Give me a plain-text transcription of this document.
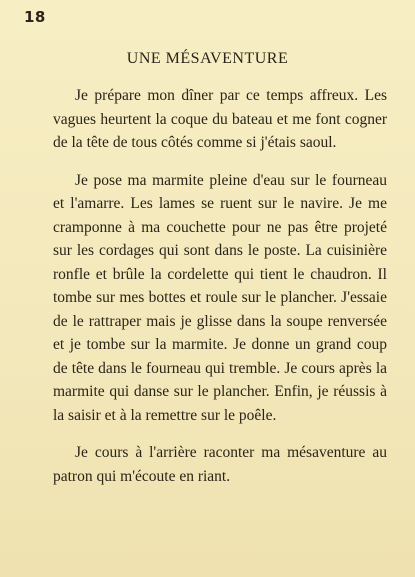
18
UNE MÉSAVENTURE

Je prépare mon dîner par ce temps affreux. Les vagues heurtent la coque du bateau et me font cogner de la tête de tous côtés comme si j'étais saoul.

Je pose ma marmite pleine d'eau sur le fourneau et l'amarre. Les lames se ruent sur le navire. Je me cramponne à ma couchette pour ne pas être projeté sur les cordages qui sont dans le poste. La cuisinière ronfle et brûle la cordelette qui tient le chaudron. Il tombe sur mes bottes et roule sur le plancher. J'essaie de le rattraper mais je glisse dans la soupe renversée et je tombe sur la marmite. Je donne un grand coup de tête dans le fourneau qui tremble. Je cours après la marmite qui danse sur le plancher. Enfin, je réussis à la saisir et à la remettre sur le poêle.

Je cours à l'arrière raconter ma mésaventure au patron qui m'écoute en riant.
